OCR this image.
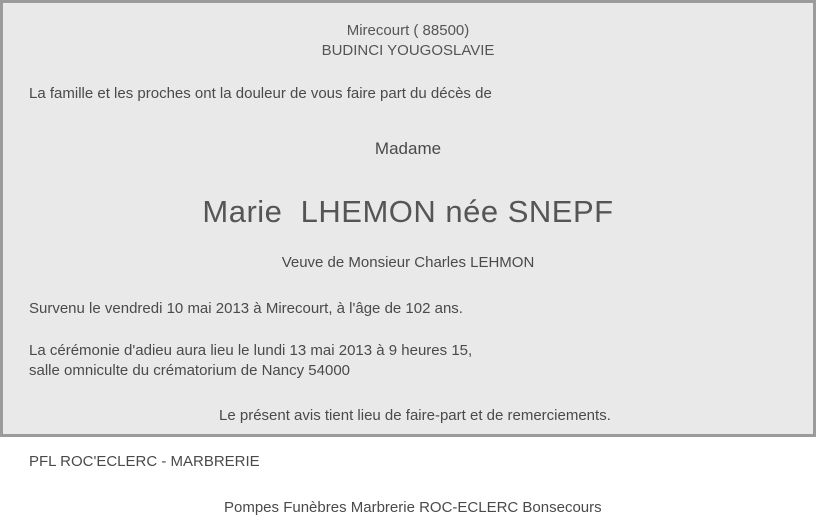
Mirecourt ( 88500)
BUDINCI YOUGOSLAVIE
La famille et les proches ont la douleur de vous faire part du décès de
Madame
Marie  LHEMON née SNEPF
Veuve de Monsieur Charles LEHMON
Survenu le vendredi 10 mai 2013 à Mirecourt, à l'âge de 102 ans.
La cérémonie d'adieu aura lieu le lundi 13 mai 2013 à 9 heures 15,
salle omniculte du crématorium de Nancy 54000
Le présent avis tient lieu de faire-part et de remerciements.
PFL ROC'ECLERC - MARBRERIE
Pompes Funèbres Marbrerie ROC-ECLERC Bonsecours
